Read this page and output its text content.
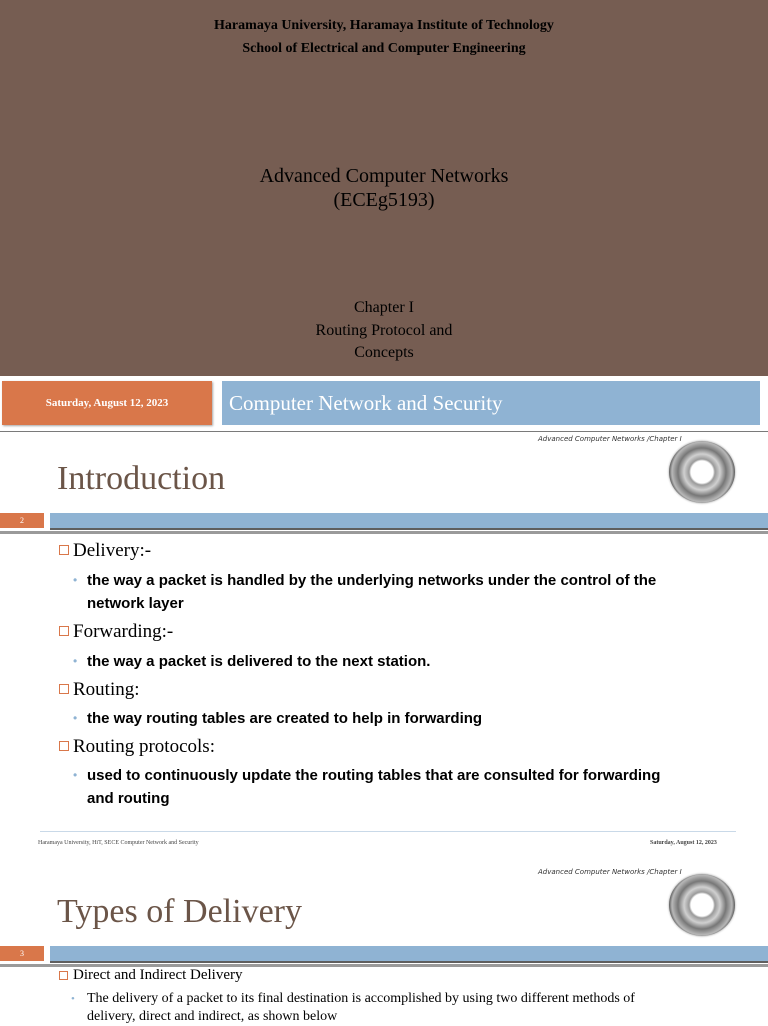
Haramaya University, Haramaya Institute of Technology
School of Electrical and Computer Engineering
Advanced Computer Networks
(ECEg5193)
Chapter I
Routing Protocol and
Concepts
Saturday, August 12, 2023	Computer Network and Security
Advanced Computer Networks /Chapter I
Introduction
2
Delivery:-
• the way a packet is handled by the underlying networks under the control of the
network layer
Forwarding:-
• the way a packet is delivered to the next station.
Routing:
• the way routing tables are created to help in forwarding
Routing protocols:
• used to continuously update the routing tables that are consulted for forwarding
and routing
Haramaya University, HiT, SECE Computer Network and Security	Saturday, August 12, 2023
Advanced Computer Networks /Chapter I
Types of Delivery
3
Direct and Indirect Delivery
• The delivery of a packet to its final destination is accomplished by using two different methods of
delivery, direct and indirect, as shown below
